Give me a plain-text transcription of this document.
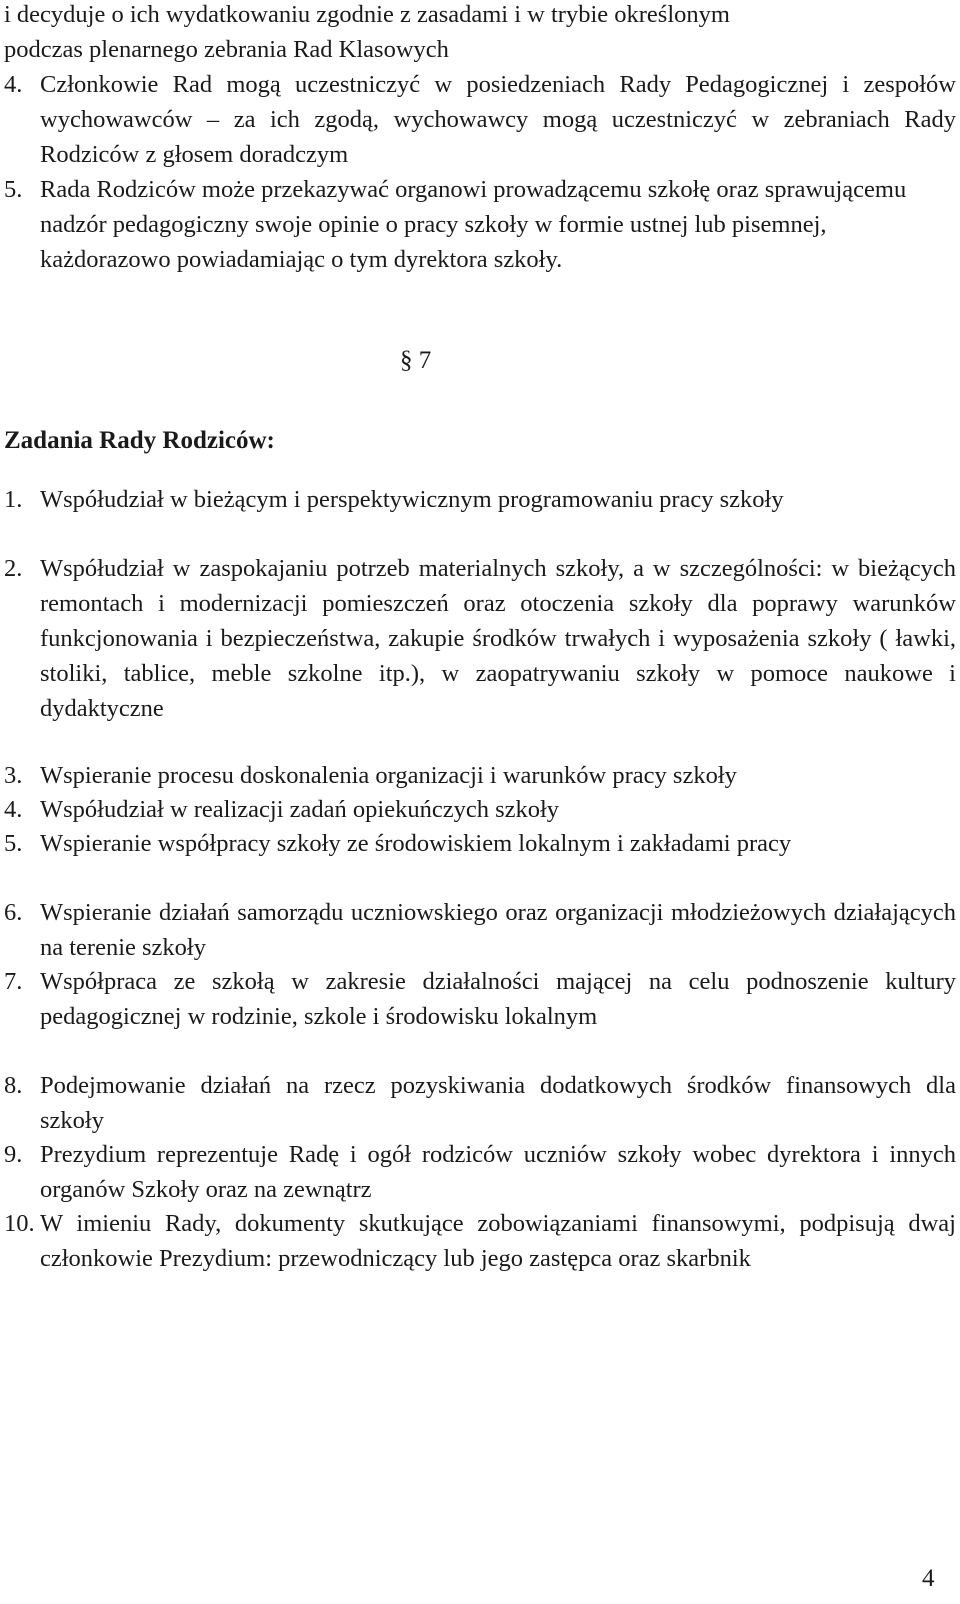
i decyduje o ich wydatkowaniu zgodnie z zasadami i w trybie określonym
podczas plenarnego zebrania Rad Klasowych
4. Członkowie Rad mogą uczestniczyć w posiedzeniach Rady Pedagogicznej i zespołów wychowawców – za ich zgodą, wychowawcy mogą uczestniczyć w zebraniach Rady Rodziców z głosem doradczym
5. Rada Rodziców może przekazywać organowi prowadzącemu szkołę oraz sprawującemu nadzór pedagogiczny swoje opinie o pracy szkoły w formie ustnej lub pisemnej, każdorazowo powiadamiając o tym dyrektora szkoły.
§ 7
Zadania Rady Rodziców:
1. Współudział w bieżącym i perspektywicznym programowaniu pracy szkoły
2. Współudział w zaspokajaniu potrzeb materialnych szkoły, a w szczególności: w bieżących remontach i modernizacji pomieszczeń oraz otoczenia szkoły dla poprawy warunków funkcjonowania i bezpieczeństwa, zakupie środków trwałych i wyposażenia szkoły ( ławki, stoliki, tablice, meble szkolne itp.), w zaopatrywaniu szkoły w pomoce naukowe i dydaktyczne
3. Wspieranie procesu doskonalenia organizacji i warunków pracy szkoły
4. Współudział w realizacji zadań opiekuńczych szkoły
5. Wspieranie współpracy szkoły ze środowiskiem lokalnym i zakładami pracy
6. Wspieranie działań samorządu uczniowskiego oraz organizacji młodzieżowych działających na terenie szkoły
7. Współpraca ze szkołą w zakresie działalności mającej na celu podnoszenie kultury pedagogicznej w rodzinie, szkole i środowisku lokalnym
8. Podejmowanie działań na rzecz pozyskiwania dodatkowych środków finansowych dla szkoły
9. Prezydium reprezentuje Radę i ogół rodziców uczniów szkoły wobec dyrektora i innych organów Szkoły oraz na zewnątrz
10. W imieniu Rady, dokumenty skutkujące zobowiązaniami finansowymi, podpisują dwaj członkowie Prezydium: przewodniczący lub jego zastępca oraz skarbnik
4
